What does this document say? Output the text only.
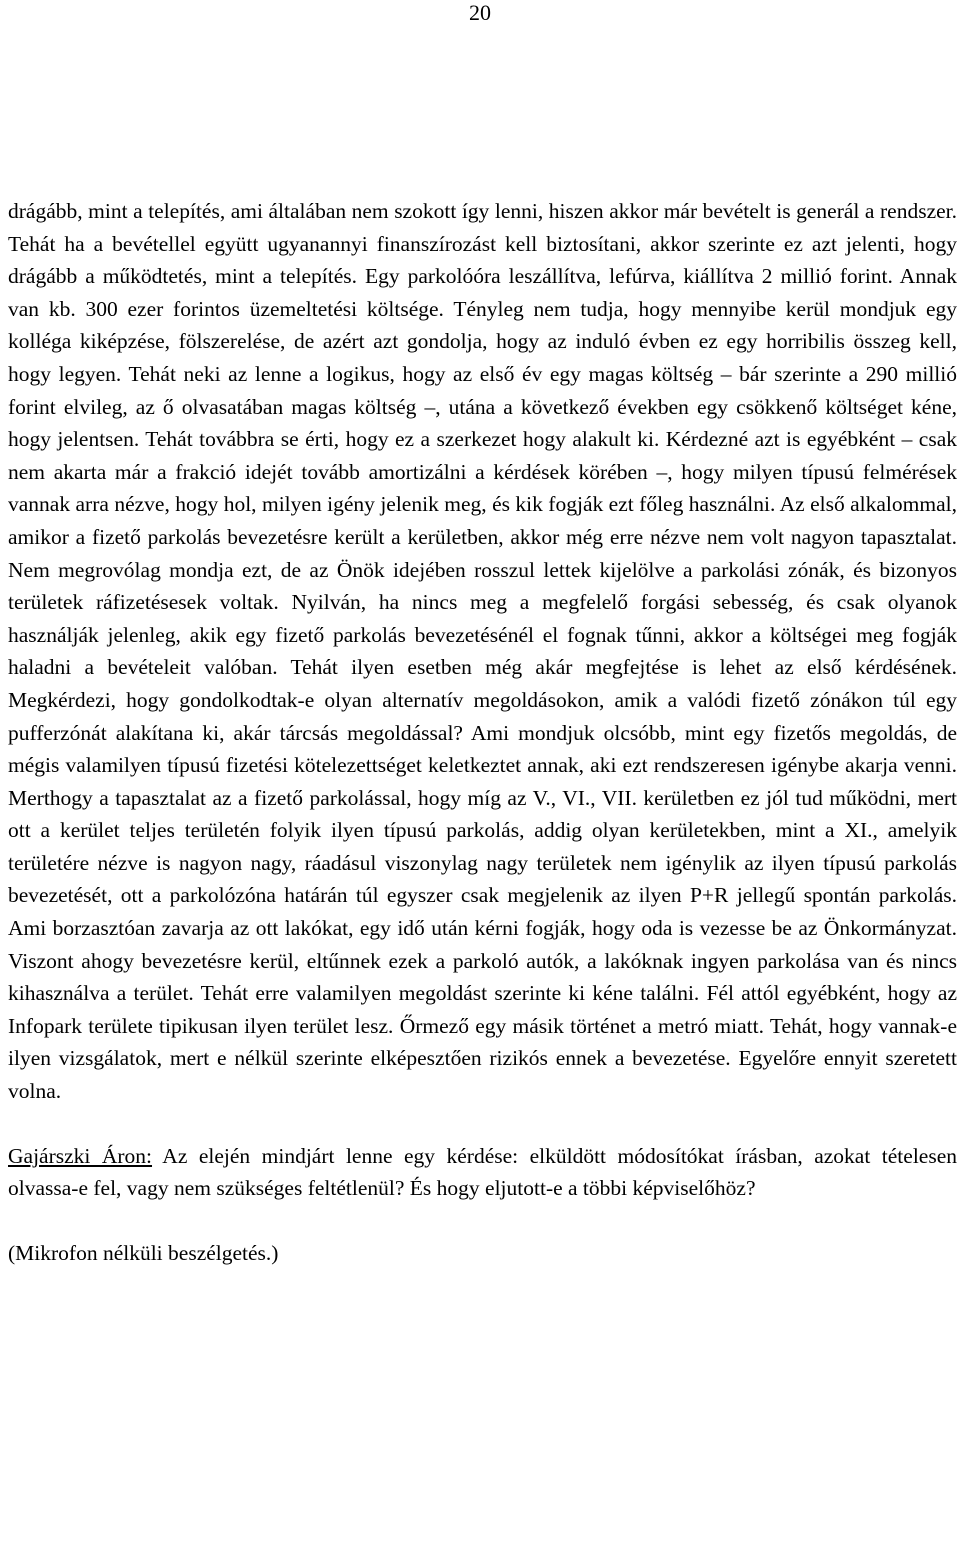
20

drágább, mint a telepítés, ami általában nem szokott így lenni, hiszen akkor már bevételt is generál a rendszer. Tehát ha a bevétellel együtt ugyanannyi finanszírozást kell biztosítani, akkor szerinte ez azt jelenti, hogy drágább a működtetés, mint a telepítés. Egy parkolóóra leszállítva, lefúrva, kiállítva 2 millió forint. Annak van kb. 300 ezer forintos üzemeltetési költsége. Tényleg nem tudja, hogy mennyibe kerül mondjuk egy kolléga kiképzése, fölszerelése, de azért azt gondolja, hogy az induló évben ez egy horribilis összeg kell, hogy legyen. Tehát neki az lenne a logikus, hogy az első év egy magas költség – bár szerinte a 290 millió forint elvileg, az ő olvasatában magas költség –, utána a következő években egy csökkenő költséget kéne, hogy jelentsen. Tehát továbbra se érti, hogy ez a szerkezet hogy alakult ki. Kérdezné azt is egyébként – csak nem akarta már a frakció idejét tovább amortizálni a kérdések körében –, hogy milyen típusú felmérések vannak arra nézve, hogy hol, milyen igény jelenik meg, és kik fogják ezt főleg használni. Az első alkalommal, amikor a fizető parkolás bevezetésre került a kerületben, akkor még erre nézve nem volt nagyon tapasztalat. Nem megrovólag mondja ezt, de az Önök idejében rosszul lettek kijelölve a parkolási zónák, és bizonyos területek ráfizetésesek voltak. Nyilván, ha nincs meg a megfelelő forgási sebesség, és csak olyanok használják jelenleg, akik egy fizető parkolás bevezetésénél el fognak tűnni, akkor a költségei meg fogják haladni a bevételeit valóban. Tehát ilyen esetben még akár megfejtése is lehet az első kérdésének. Megkérdezi, hogy gondolkodtak-e olyan alternatív megoldásokon, amik a valódi fizető zónákon túl egy pufferzónát alakítana ki, akár tárcsás megoldással? Ami mondjuk olcsóbb, mint egy fizetős megoldás, de mégis valamilyen típusú fizetési kötelezettséget keletkeztet annak, aki ezt rendszeresen igénybe akarja venni. Merthogy a tapasztalat az a fizető parkolással, hogy míg az V., VI., VII. kerületben ez jól tud működni, mert ott a kerület teljes területén folyik ilyen típusú parkolás, addig olyan kerületekben, mint a XI., amelyik területére nézve is nagyon nagy, ráadásul viszonylag nagy területek nem igénylik az ilyen típusú parkolás bevezetését, ott a parkolózóna határán túl egyszer csak megjelenik az ilyen P+R jellegű spontán parkolás. Ami borzasztóan zavarja az ott lakókat, egy idő után kérni fogják, hogy oda is vezesse be az Önkormányzat. Viszont ahogy bevezetésre kerül, eltűnnek ezek a parkoló autók, a lakóknak ingyen parkolása van és nincs kihasználva a terület. Tehát erre valamilyen megoldást szerinte ki kéne találni. Fél attól egyébként, hogy az Infopark területe tipikusan ilyen terület lesz. Őrmező egy másik történet a metró miatt. Tehát, hogy vannak-e ilyen vizsgálatok, mert e nélkül szerinte elképesztően rizikós ennek a bevezetése. Egyelőre ennyit szeretett volna.

Gajárszki Áron: Az elején mindjárt lenne egy kérdése: elküldött módosítókat írásban, azokat tételesen olvassa-e fel, vagy nem szükséges feltétlenül? És hogy eljutott-e a többi képviselőhöz?

(Mikrofon nélküli beszélgetés.)
